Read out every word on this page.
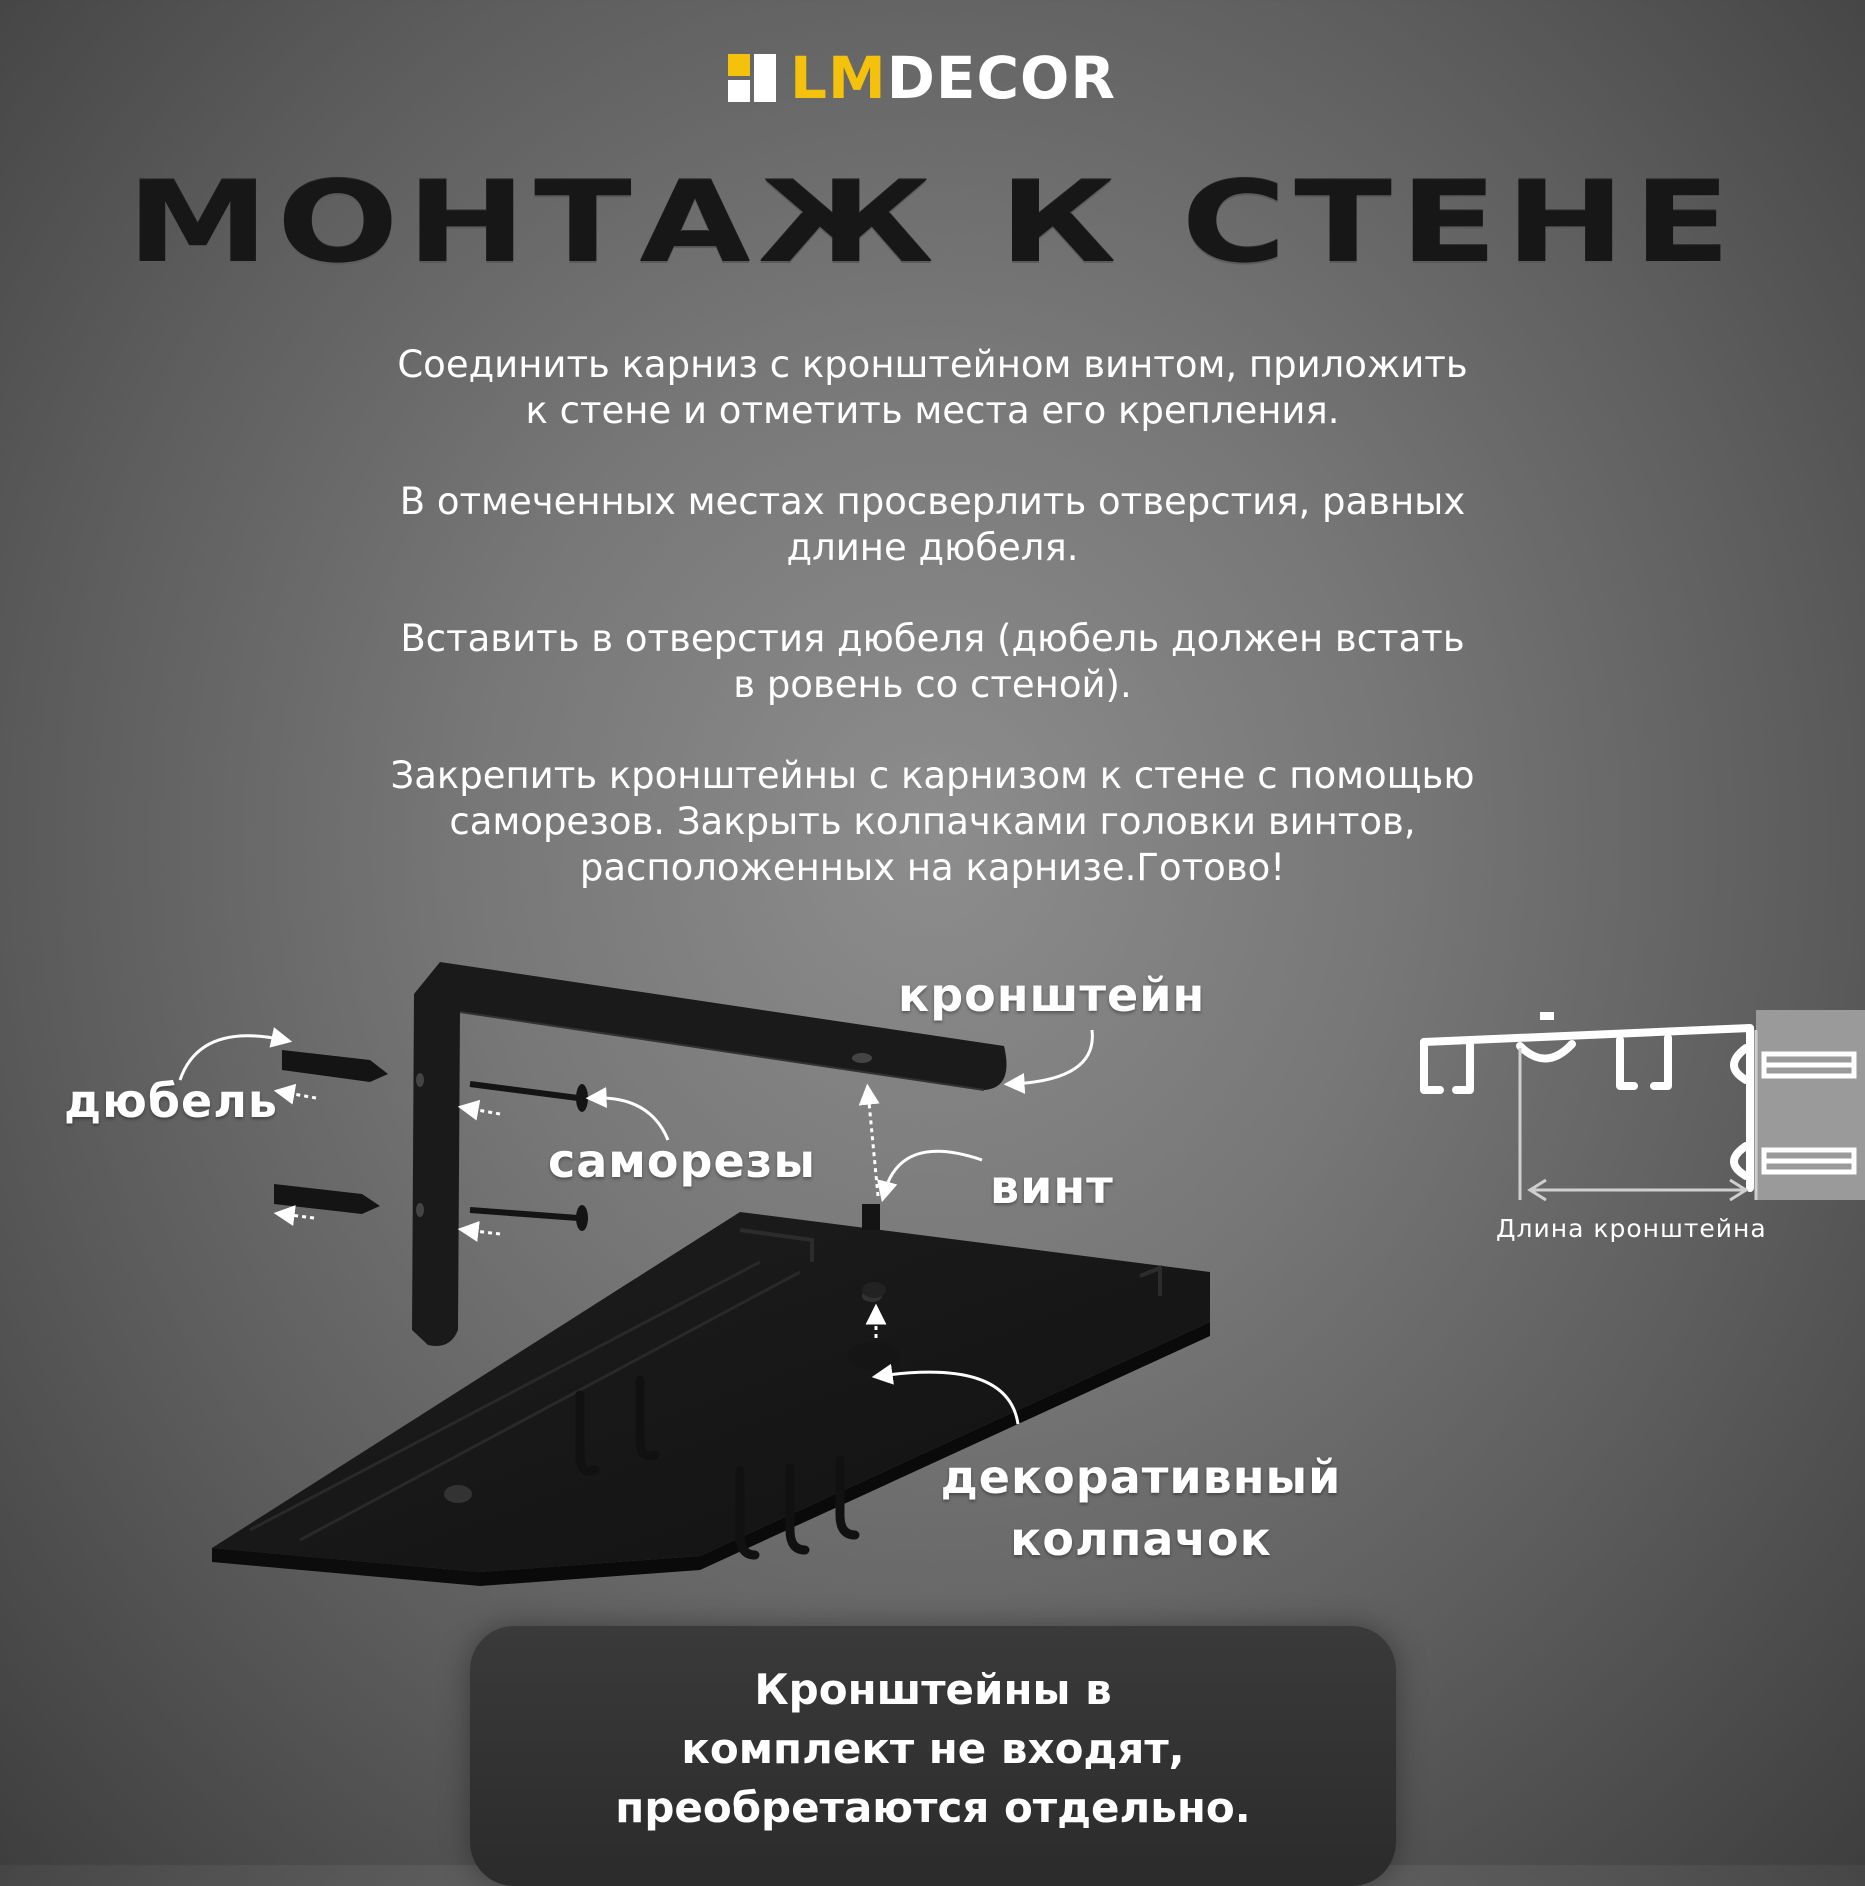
LM DECOR
МОНТАЖ К СТЕНЕ

Соединить карниз с кронштейном винтом, приложить
к стене и отметить места его крепления.

В отмеченных местах просверлить отверстия, равных
длине дюбеля.

Вставить в отверстия дюбеля (дюбель должен встать
в ровень со стеной).

Закрепить кронштейны с карнизом к стене с помощью
саморезов. Закрыть колпачками головки винтов,
расположенных на карнизе.Готово!

кронштейн
дюбель
саморезы	винт
декоративный
колпачок
Длина кронштейна
Кронштейны в
комплект не входят,
преобретаются отдельно.
